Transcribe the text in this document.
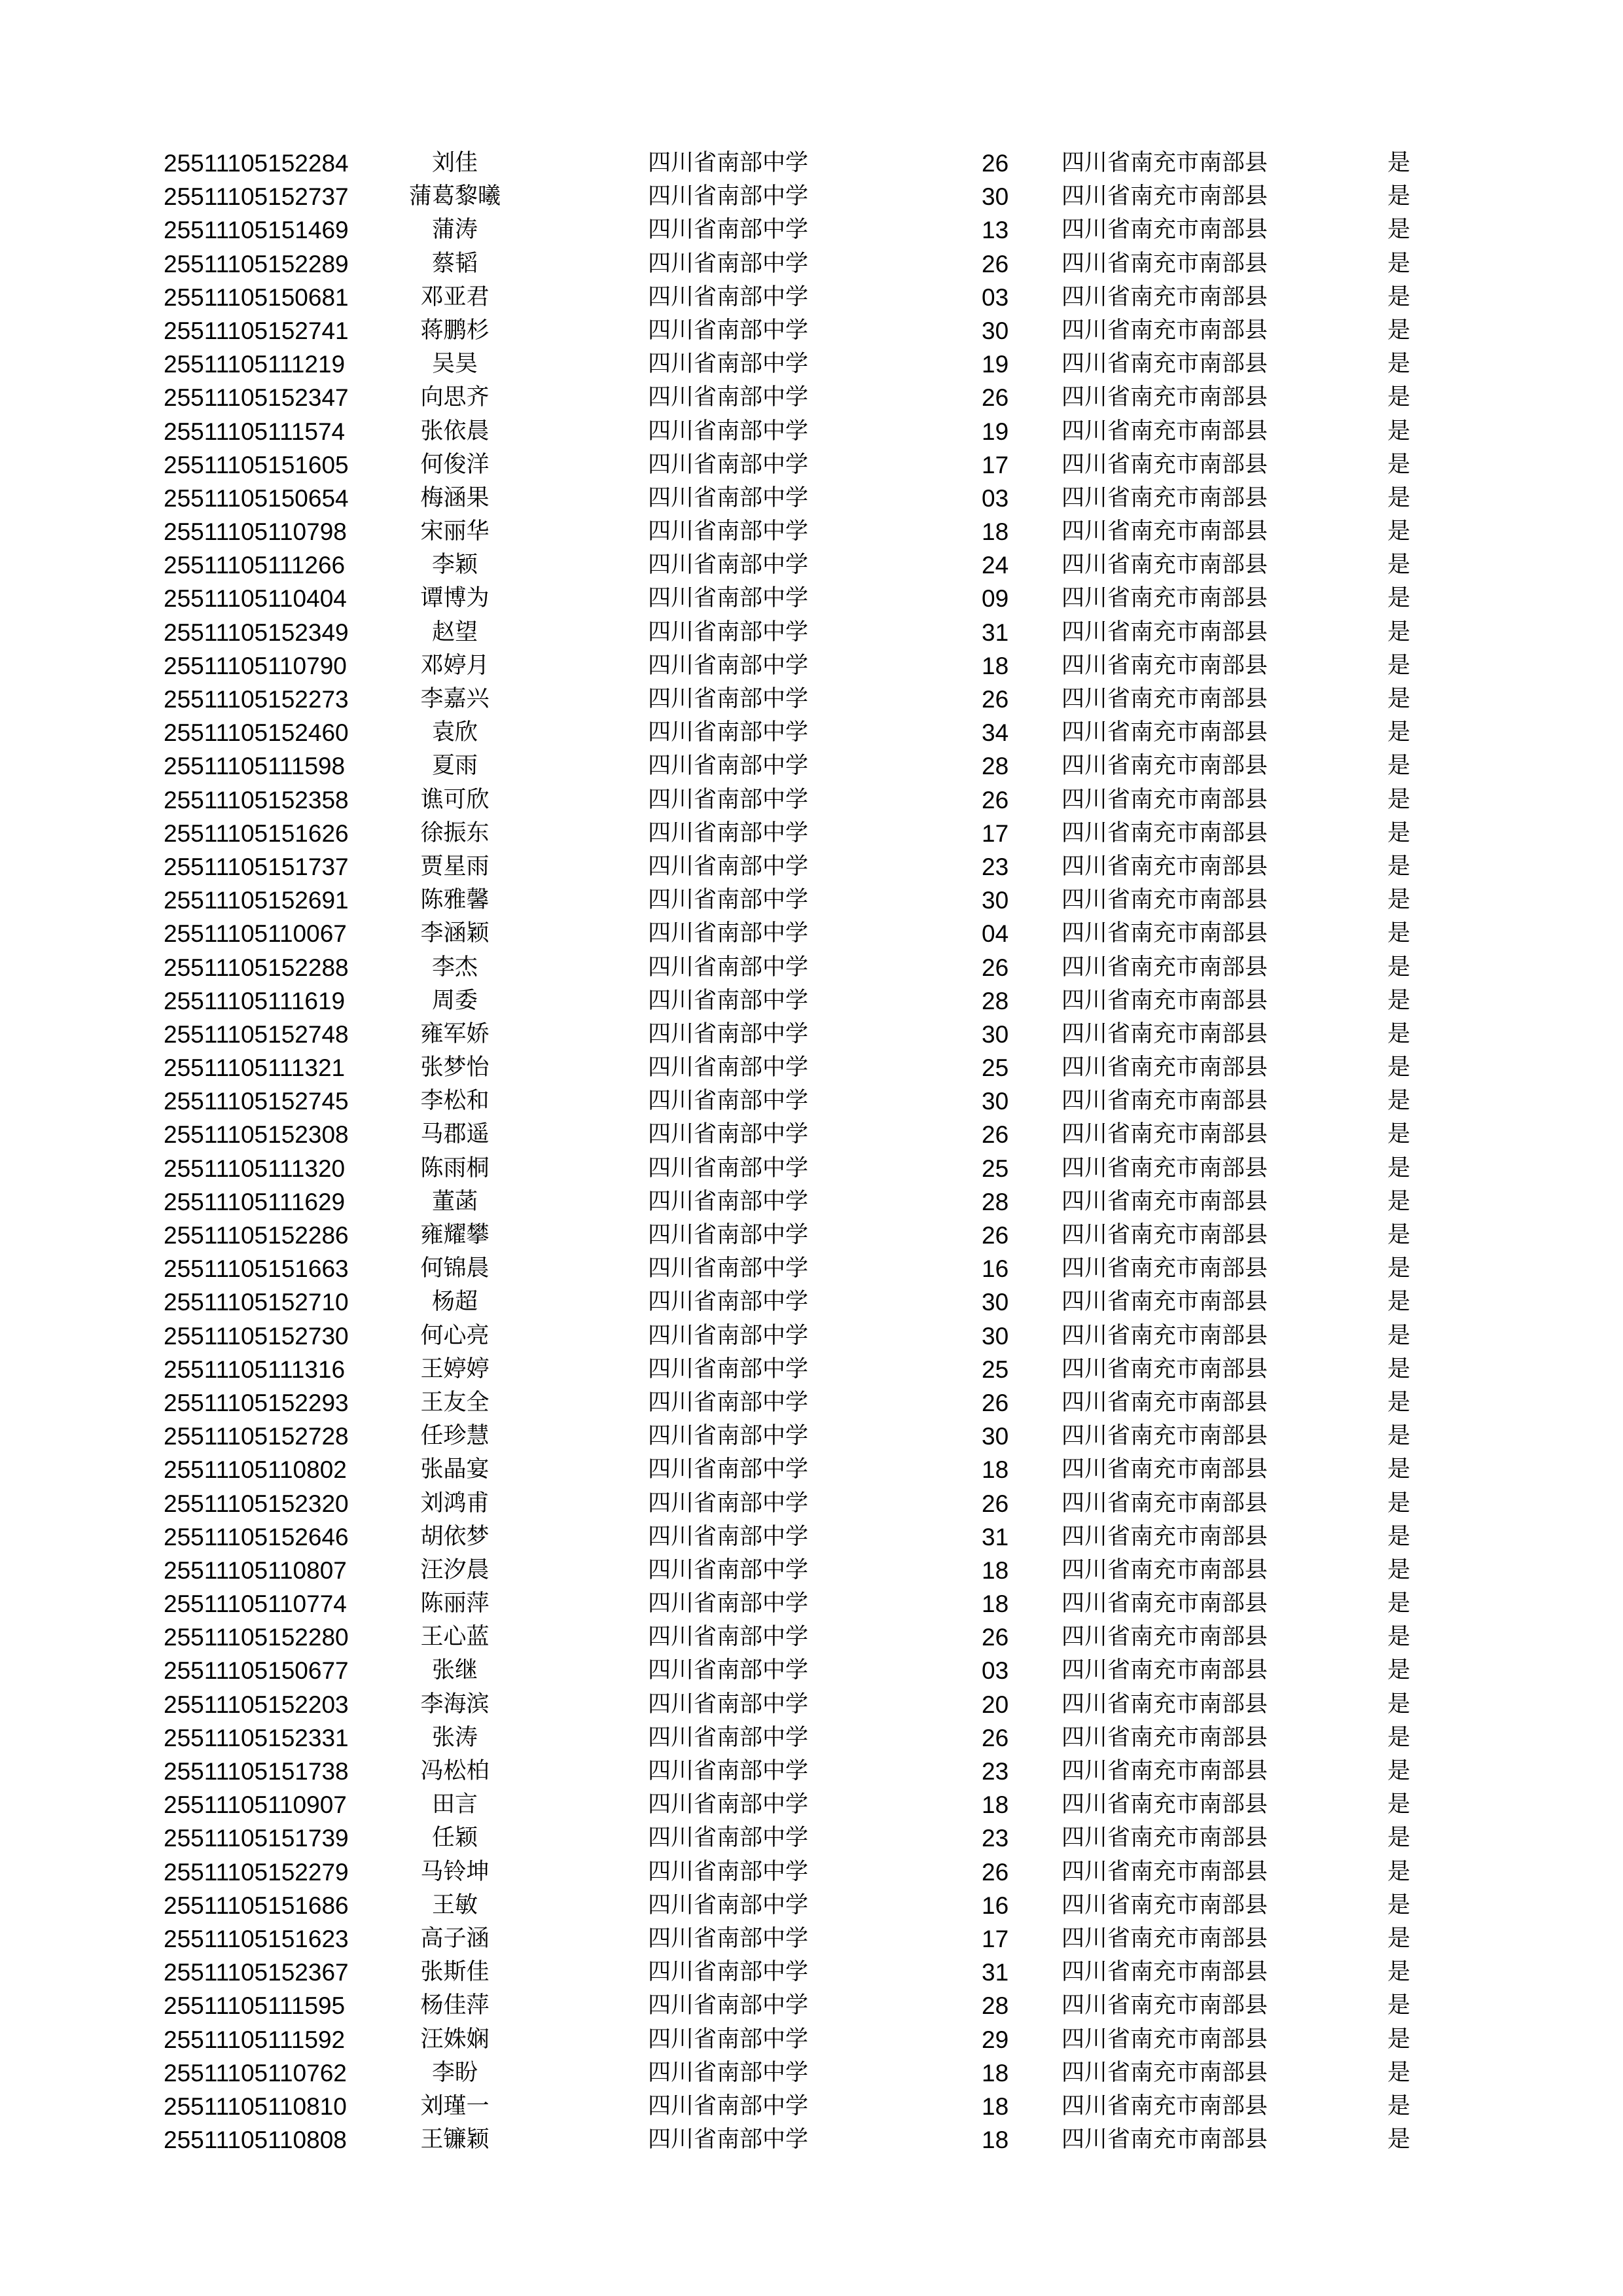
25511105152284	刘佳	四川省南部中学	26	四川省南充市南部县	是
25511105152737	蒲葛黎曦	四川省南部中学	30	四川省南充市南部县	是
25511105151469	蒲涛	四川省南部中学	13	四川省南充市南部县	是
25511105152289	蔡韬	四川省南部中学	26	四川省南充市南部县	是
25511105150681	邓亚君	四川省南部中学	03	四川省南充市南部县	是
25511105152741	蒋鹏杉	四川省南部中学	30	四川省南充市南部县	是
25511105111219	吴昊	四川省南部中学	19	四川省南充市南部县	是
25511105152347	向思齐	四川省南部中学	26	四川省南充市南部县	是
25511105111574	张依晨	四川省南部中学	19	四川省南充市南部县	是
25511105151605	何俊洋	四川省南部中学	17	四川省南充市南部县	是
25511105150654	梅涵果	四川省南部中学	03	四川省南充市南部县	是
25511105110798	宋丽华	四川省南部中学	18	四川省南充市南部县	是
25511105111266	李颖	四川省南部中学	24	四川省南充市南部县	是
25511105110404	谭博为	四川省南部中学	09	四川省南充市南部县	是
25511105152349	赵望	四川省南部中学	31	四川省南充市南部县	是
25511105110790	邓婷月	四川省南部中学	18	四川省南充市南部县	是
25511105152273	李嘉兴	四川省南部中学	26	四川省南充市南部县	是
25511105152460	袁欣	四川省南部中学	34	四川省南充市南部县	是
25511105111598	夏雨	四川省南部中学	28	四川省南充市南部县	是
25511105152358	谯可欣	四川省南部中学	26	四川省南充市南部县	是
25511105151626	徐振东	四川省南部中学	17	四川省南充市南部县	是
25511105151737	贾星雨	四川省南部中学	23	四川省南充市南部县	是
25511105152691	陈雅馨	四川省南部中学	30	四川省南充市南部县	是
25511105110067	李涵颖	四川省南部中学	04	四川省南充市南部县	是
25511105152288	李杰	四川省南部中学	26	四川省南充市南部县	是
25511105111619	周委	四川省南部中学	28	四川省南充市南部县	是
25511105152748	雍军娇	四川省南部中学	30	四川省南充市南部县	是
25511105111321	张梦怡	四川省南部中学	25	四川省南充市南部县	是
25511105152745	李松和	四川省南部中学	30	四川省南充市南部县	是
25511105152308	马郡遥	四川省南部中学	26	四川省南充市南部县	是
25511105111320	陈雨桐	四川省南部中学	25	四川省南充市南部县	是
25511105111629	董菡	四川省南部中学	28	四川省南充市南部县	是
25511105152286	雍耀攀	四川省南部中学	26	四川省南充市南部县	是
25511105151663	何锦晨	四川省南部中学	16	四川省南充市南部县	是
25511105152710	杨超	四川省南部中学	30	四川省南充市南部县	是
25511105152730	何心亮	四川省南部中学	30	四川省南充市南部县	是
25511105111316	王婷婷	四川省南部中学	25	四川省南充市南部县	是
25511105152293	王友全	四川省南部中学	26	四川省南充市南部县	是
25511105152728	任珍慧	四川省南部中学	30	四川省南充市南部县	是
25511105110802	张晶宴	四川省南部中学	18	四川省南充市南部县	是
25511105152320	刘鸿甫	四川省南部中学	26	四川省南充市南部县	是
25511105152646	胡依梦	四川省南部中学	31	四川省南充市南部县	是
25511105110807	汪汐晨	四川省南部中学	18	四川省南充市南部县	是
25511105110774	陈丽萍	四川省南部中学	18	四川省南充市南部县	是
25511105152280	王心蓝	四川省南部中学	26	四川省南充市南部县	是
25511105150677	张继	四川省南部中学	03	四川省南充市南部县	是
25511105152203	李海滨	四川省南部中学	20	四川省南充市南部县	是
25511105152331	张涛	四川省南部中学	26	四川省南充市南部县	是
25511105151738	冯松柏	四川省南部中学	23	四川省南充市南部县	是
25511105110907	田言	四川省南部中学	18	四川省南充市南部县	是
25511105151739	任颖	四川省南部中学	23	四川省南充市南部县	是
25511105152279	马铃坤	四川省南部中学	26	四川省南充市南部县	是
25511105151686	王敏	四川省南部中学	16	四川省南充市南部县	是
25511105151623	高子涵	四川省南部中学	17	四川省南充市南部县	是
25511105152367	张斯佳	四川省南部中学	31	四川省南充市南部县	是
25511105111595	杨佳萍	四川省南部中学	28	四川省南充市南部县	是
25511105111592	汪姝娴	四川省南部中学	29	四川省南充市南部县	是
25511105110762	李盼	四川省南部中学	18	四川省南充市南部县	是
25511105110810	刘瑾一	四川省南部中学	18	四川省南充市南部县	是
25511105110808	王镰颖	四川省南部中学	18	四川省南充市南部县	是
